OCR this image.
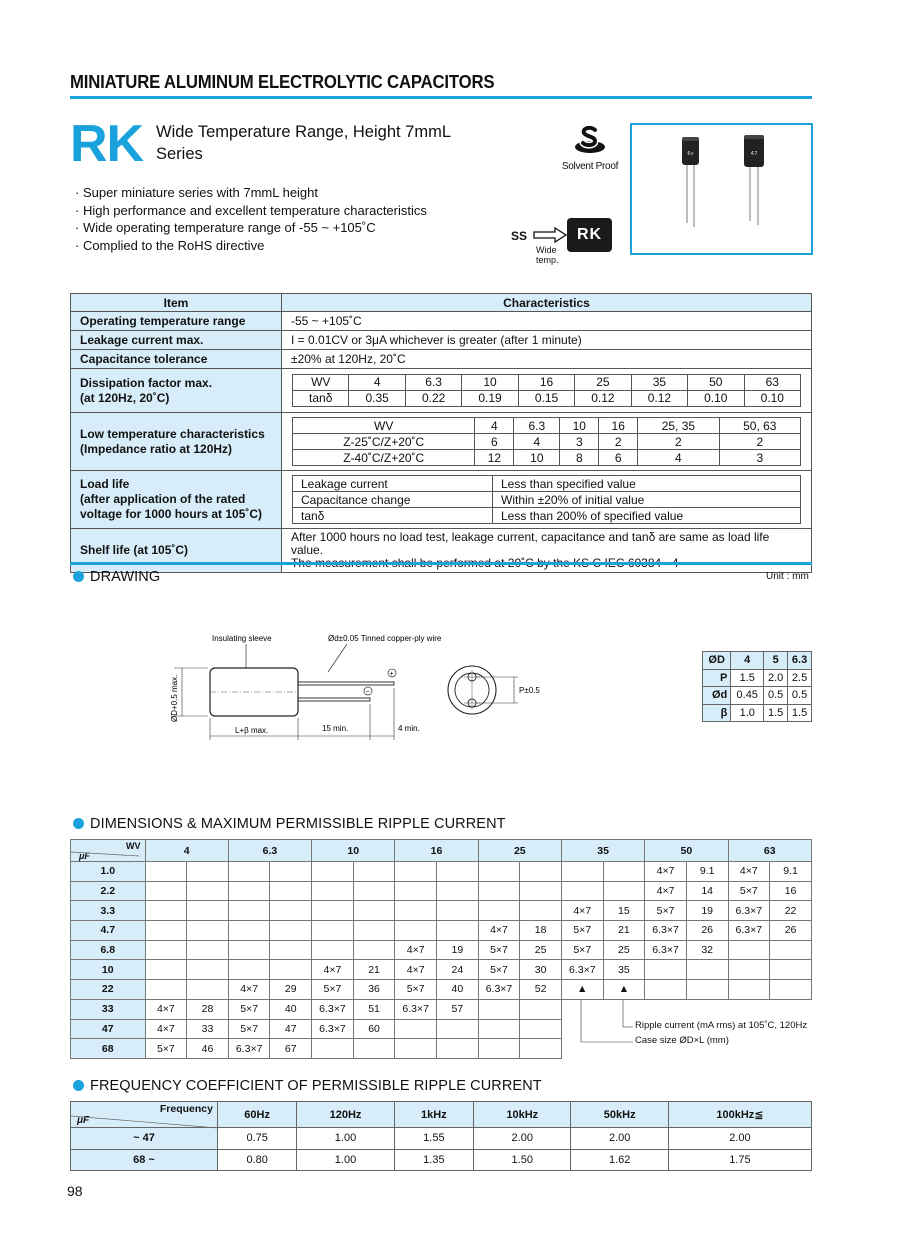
MINIATURE ALUMINUM ELECTROLYTIC CAPACITORS
RK Wide Temperature Range, Height 7mmL
Series
Solvent Proof
6v	47
· Super miniature series with 7mmL height
· High performance and excellent temperature characteristics
· Wide operating temperature range of -55 ~ +105˚C
· Complied to the RoHS directive
SS	RK
Wide
temp.
Item	Characteristics
Operating temperature range	-55 ~ +105˚C
Leakage current max.	I = 0.01CV or 3μA whichever is greater (after 1 minute)
Capacitance tolerance	±20% at 120Hz, 20˚C

Dissipation factor max.
(at 120Hz, 20˚C)

WV	4	6.3	10	16	25	35	50	63
tanδ	0.35	0.22	0.19	0.15	0.12	0.12	0.10	0.10

Low temperature characteristics
(Impedance ratio at 120Hz)

WV	4	6.3	10	16	25, 35	50, 63
Z-25˚C/Z+20˚C	6	4	3	2	2	2
Z-40˚C/Z+20˚C	12	10	8	6	4	3

Load life
(after application of the rated
voltage for 1000 hours at 105˚C)

Leakage current	Less than specified value
Capacitance change	Within ±20% of initial value
tanδ	Less than 200% of specified value

Shelf life (at 105˚C)	
After 1000 hours no load test, leakage current, capacitance and tanδ are same as load life value.
DRAWING	Unit : mm
Insulating sleeve	Ød±0.05 Tinned copper-ply wire
+
−
ØD+0.5 max.
L+β max.	15 min.	4 min.
P±0.5
ØD	4	5	6.3
P	1.5	2.0	2.5
Ød	0.45	0.5	0.5
β	1.0	1.5	1.5
DIMENSIONS & MAXIMUM PERMISSIBLE RIPPLE CURRENT
WV
μF	4		6.3		10		16		25		35		50		63	
1.0													4×7	9.1	4×7	9.1
2.2													4×7	14	5×7	16
3.3											4×7	15	5×7	19	6.3×7	22
4.7									4×7	18	5×7	21	6.3×7	26	6.3×7	26
6.8							4×7	19	5×7	25	5×7	25	6.3×7	32		
10					4×7	21	4×7	24	5×7	30	6.3×7	35				
22			4×7	29	5×7	36	5×7	40	6.3×7	52	▲	▲				
33	4×7	28	5×7	40	6.3×7	51	6.3×7	57								
47	4×7	33	5×7	47	6.3×7	60										
68	5×7	46	6.3×7	67												
Ripple current (mA rms) at 105˚C, 120Hz
Case size ØD×L (mm)
FREQUENCY COEFFICIENT OF PERMISSIBLE RIPPLE CURRENT
Frequency
μF	60Hz	120Hz	1kHz	10kHz	50kHz	100kHz≦
~ 47	0.75	1.00	1.55	2.00	2.00	2.00
68 ~	0.80	1.00	1.35	1.50	1.62	1.75
98
